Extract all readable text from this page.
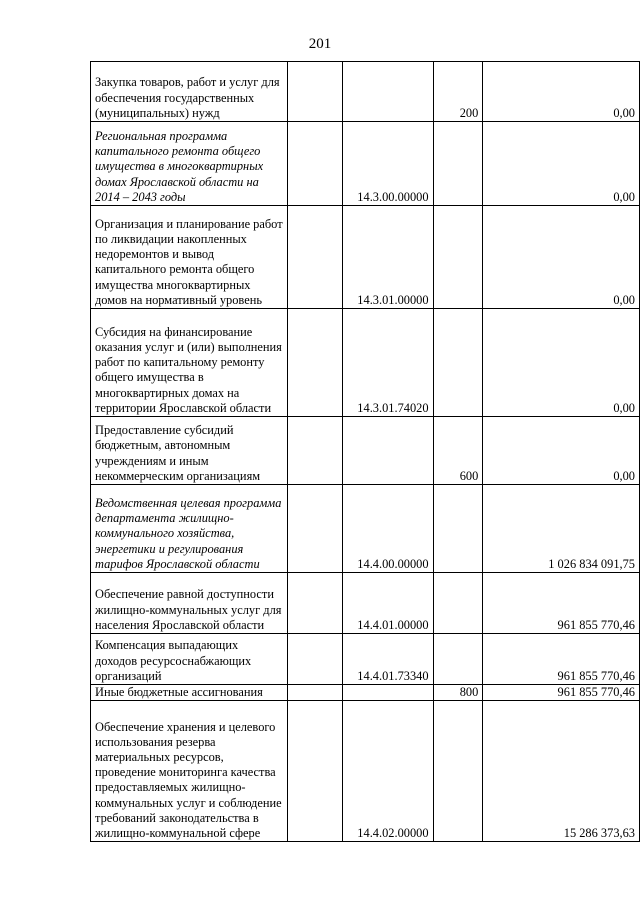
201
Закупка товаров, работ и услуг для обеспечения государственных (муниципальных) нужд			200	0,00
Региональная программа капитального ремонта общего имущества в многоквартирных домах Ярославской области на 2014 – 2043 годы		14.3.00.00000		0,00
Организация и планирование работ по ликвидации накопленных недоремонтов и вывод капитального ремонта общего имущества многоквартирных домов на нормативный уровень		14.3.01.00000		0,00
Субсидия на финансирование оказания услуг и (или) выполнения работ по капитальному ремонту общего имущества в многоквартирных домах на территории Ярославской области		14.3.01.74020		0,00
Предоставление субсидий бюджетным, автономным учреждениям и иным некоммерческим организациям			600	0,00
Ведомственная целевая программа департамента жилищно-коммунального хозяйства, энергетики и регулирования тарифов Ярославской области		14.4.00.00000		1 026 834 091,75
Обеспечение равной доступности жилищно-коммунальных услуг для населения Ярославской области		14.4.01.00000		961 855 770,46
Компенсация выпадающих доходов ресурсоснабжающих организаций		14.4.01.73340		961 855 770,46
Иные бюджетные ассигнования			800	961 855 770,46
Обеспечение хранения и целевого использования резерва материальных ресурсов, проведение мониторинга качества предоставляемых жилищно-коммунальных услуг и соблюдение требований законодательства в жилищно-коммунальной сфере		14.4.02.00000		15 286 373,63
